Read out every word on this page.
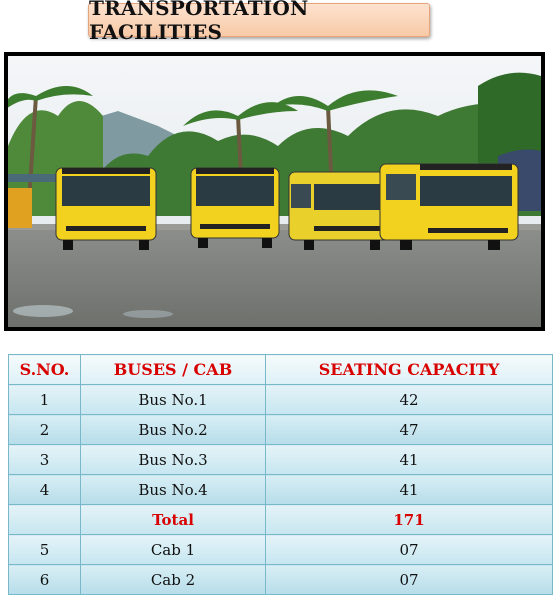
TRANSPORTATION FACILITIES
S.NO.	BUSES / CAB	SEATING CAPACITY
1	Bus No.1	42
2	Bus No.2	47
3	Bus No.3	41
4	Bus No.4	41
	Total	171
5	Cab 1	07
6	Cab 2	07
